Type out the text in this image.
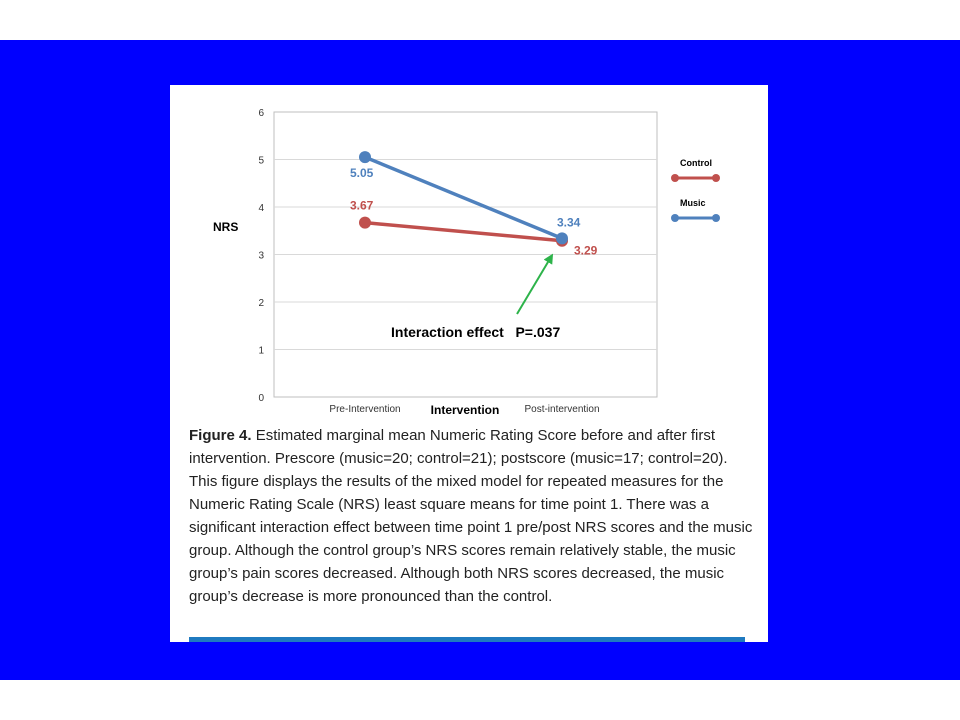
0
1
2
3
4
5
6
Pre-Intervention	Post-intervention
NRS
Intervention
3.67
3.29
5.05
3.34
Interaction effect   P=.037
Control
Music
Figure 4. Estimated marginal mean Numeric Rating Score before and after first intervention. Prescore (music=20; control=21); postscore (music=17; control=20). This figure displays the results of the mixed model for repeated measures for the Numeric Rating Scale (NRS) least square means for time point 1. There was a significant interaction effect between time point 1 pre/post NRS scores and the music group. Although the control group’s NRS scores remain relatively stable, the music group’s pain scores decreased. Although both NRS scores decreased, the music group’s decrease is more pronounced than the control.
